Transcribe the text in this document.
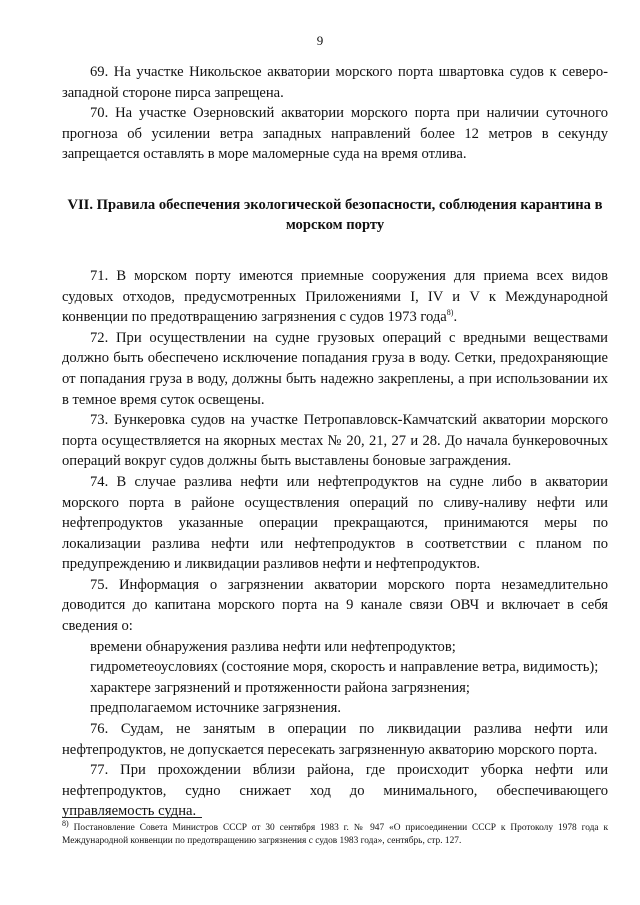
9

69. На участке Никольское акватории морского порта швартовка судов к северо-западной стороне пирса запрещена.

70. На участке Озерновский акватории морского порта при наличии суточного прогноза об усилении ветра западных направлений более 12 метров в секунду запрещается оставлять в море маломерные суда на время отлива.

VII. Правила обеспечения экологической безопасности, соблюдения карантина в морском порту

71. В морском порту имеются приемные сооружения для приема всех видов судовых отходов, предусмотренных Приложениями I, IV и V к Международной конвенции по предотвращению загрязнения с судов 1973 года$^{8)}$.

72. При осуществлении на судне грузовых операций с вредными веществами должно быть обеспечено исключение попадания груза в воду. Сетки, предохраняющие от попадания груза в воду, должны быть надежно закреплены, а при использовании их в темное время суток освещены.

73. Бункеровка судов на участке Петропавловск-Камчатский акватории морского порта осуществляется на якорных местах № 20, 21, 27 и 28. До начала бункеровочных операций вокруг судов должны быть выставлены боновые заграждения.

74. В случае разлива нефти или нефтепродуктов на судне либо в акватории морского порта в районе осуществления операций по сливу-наливу нефти или нефтепродуктов указанные операции прекращаются, принимаются меры по локализации разлива нефти или нефтепродуктов в соответствии с планом по предупреждению и ликвидации разливов нефти и нефтепродуктов.

75. Информация о загрязнении акватории морского порта незамедлительно доводится до капитана морского порта на 9 канале связи ОВЧ и включает в себя сведения о:

времени обнаружения разлива нефти или нефтепродуктов;

гидрометеоусловиях (состояние моря, скорость и направление ветра, видимость);

характере загрязнений и протяженности района загрязнения;

предполагаемом источнике загрязнения.

76. Судам, не занятым в операции по ликвидации разлива нефти или нефтепродуктов, не допускается пересекать загрязненную акваторию морского порта.

77. При прохождении вблизи района, где происходит уборка нефти или нефтепродуктов, судно снижает ход до минимального, обеспечивающего управляемость судна.

$^{8)}$ Постановление Совета Министров СССР от 30 сентября 1983 г. № 947 «О присоединении СССР к Протоколу 1978 года к Международной конвенции по предотвращению загрязнения с судов 1983 года», сентябрь, стр. 127.
